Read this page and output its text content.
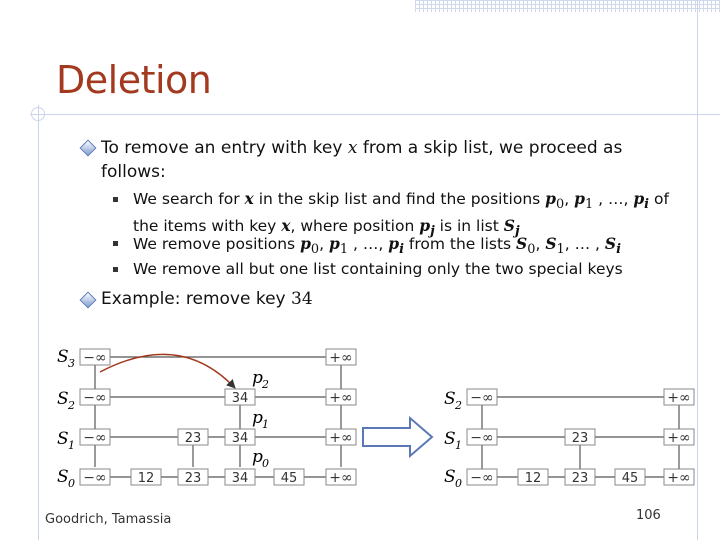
Deletion
To remove an entry with key x from a skip list, we proceed as
follows:
We search for x in the skip list and find the positions $p_0$, $p_1$ , …, $p_i$ of
the items with key x, where position $p_j$ is in list $S_j$
We remove positions $p_0$, $p_1$ , …, $p_i$ from the lists $S_0$, $S_1$, … , $S_i$
We remove all but one list containing only the two special keys
Example: remove key 34
S 3
S 2
S 1
S 0
−∞	+∞
−∞	34	+∞
−∞	23 34	+∞
−∞ 12 23 34 45 +∞
p 2
p 1
p 0
S 2
S 1
S 0
−∞	+∞
−∞	23	+∞
−∞ 12 23	45 +∞
Goodrich, Tamassia	106
